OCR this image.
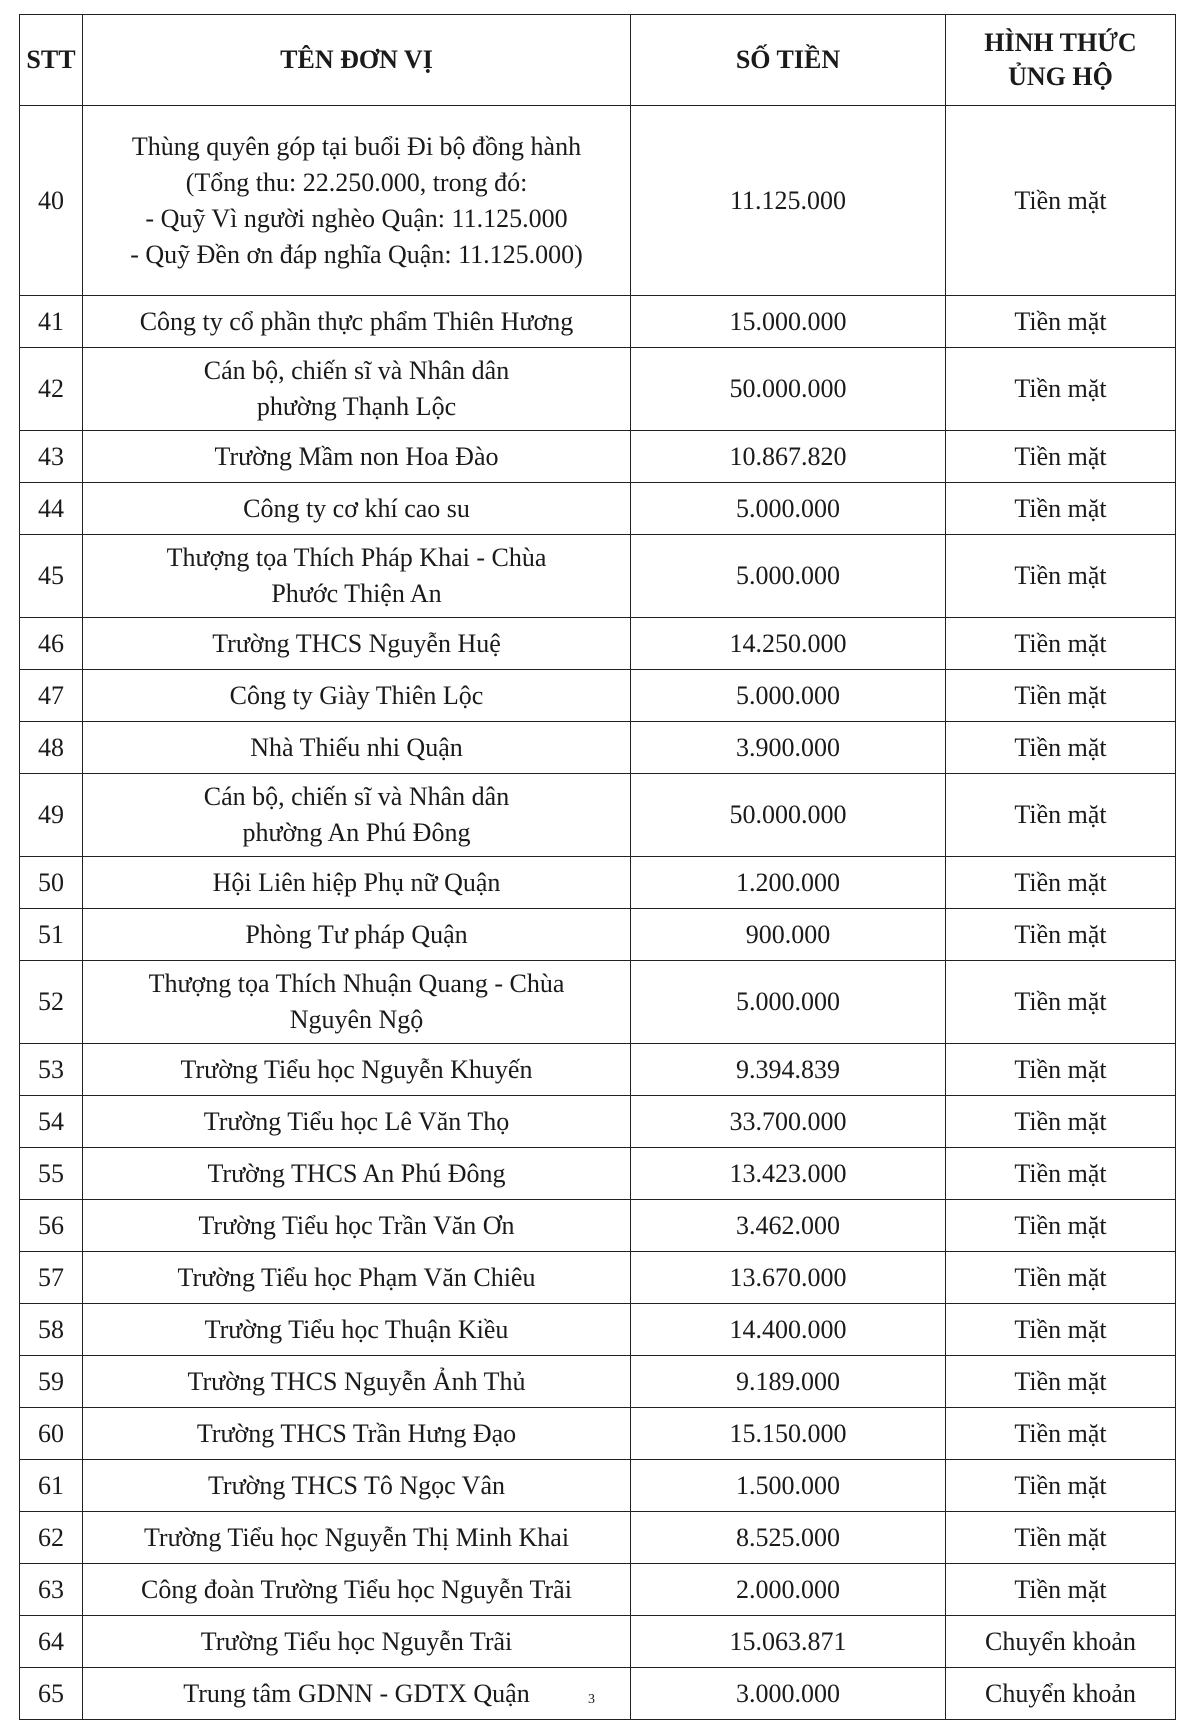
STT	TÊN ĐƠN VỊ	SỐ TIỀN	HÌNH THỨC
ỦNG HỘ

40	Thùng quyên góp tại buổi Đi bộ đồng hành
(Tổng thu: 22.250.000, trong đó:
- Quỹ Vì người nghèo Quận: 11.125.000
- Quỹ Đền ơn đáp nghĩa Quận: 11.125.000)	11.125.000	Tiền mặt
41	Công ty cổ phần thực phẩm Thiên Hương	15.000.000	Tiền mặt
42	Cán bộ, chiến sĩ và Nhân dân
phường Thạnh Lộc	50.000.000	Tiền mặt
43	Trường Mầm non Hoa Đào	10.867.820	Tiền mặt
44	Công ty cơ khí cao su	5.000.000	Tiền mặt
45	Thượng tọa Thích Pháp Khai - Chùa
Phước Thiện An	5.000.000	Tiền mặt
46	Trường THCS Nguyễn Huệ	14.250.000	Tiền mặt
47	Công ty Giày Thiên Lộc	5.000.000	Tiền mặt
48	Nhà Thiếu nhi Quận	3.900.000	Tiền mặt
49	Cán bộ, chiến sĩ và Nhân dân
phường An Phú Đông	50.000.000	Tiền mặt
50	Hội Liên hiệp Phụ nữ Quận	1.200.000	Tiền mặt
51	Phòng Tư pháp Quận	900.000	Tiền mặt
52	Thượng tọa Thích Nhuận Quang - Chùa
Nguyên Ngộ	5.000.000	Tiền mặt
53	Trường Tiểu học Nguyễn Khuyến	9.394.839	Tiền mặt
54	Trường Tiểu học Lê Văn Thọ	33.700.000	Tiền mặt
55	Trường THCS An Phú Đông	13.423.000	Tiền mặt
56	Trường Tiểu học Trần Văn Ơn	3.462.000	Tiền mặt
57	Trường Tiểu học Phạm Văn Chiêu	13.670.000	Tiền mặt
58	Trường Tiểu học Thuận Kiều	14.400.000	Tiền mặt
59	Trường THCS Nguyễn Ảnh Thủ	9.189.000	Tiền mặt
60	Trường THCS Trần Hưng Đạo	15.150.000	Tiền mặt
61	Trường THCS Tô Ngọc Vân	1.500.000	Tiền mặt
62	Trường Tiểu học Nguyễn Thị Minh Khai	8.525.000	Tiền mặt
63	Công đoàn Trường Tiểu học Nguyễn Trãi	2.000.000	Tiền mặt
64	Trường Tiểu học Nguyễn Trãi	15.063.871	Chuyển khoản
65	Trung tâm GDNN - GDTX Quận	3.000.000	Chuyển khoản
3
